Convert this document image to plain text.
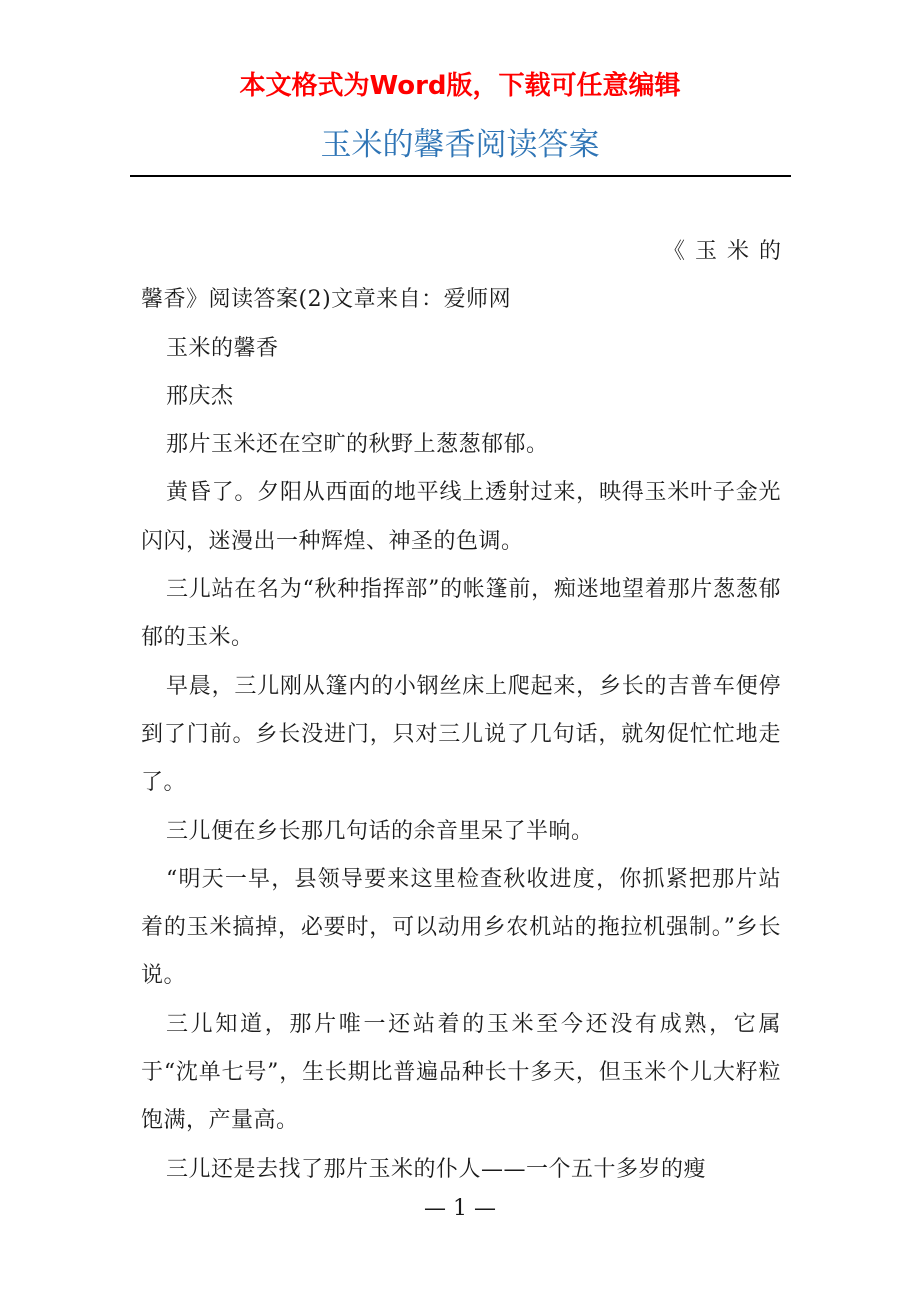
本文格式为Word版，下载可任意编辑
玉米的馨香阅读答案

《玉米的

馨香》阅读答案(2)文章来自：爱师网

玉米的馨香

邢庆杰

那片玉米还在空旷的秋野上葱葱郁郁。

黄昏了。夕阳从西面的地平线上透射过来，映得玉米叶子金光闪闪，迷漫出一种辉煌、神圣的色调。

三儿站在名为“秋种指挥部”的帐篷前，痴迷地望着那片葱葱郁郁的玉米。

早晨，三儿刚从篷内的小钢丝床上爬起来，乡长的吉普车便停到了门前。乡长没进门，只对三儿说了几句话，就匆促忙忙地走了。

三儿便在乡长那几句话的余音里呆了半晌。

“明天一早，县领导要来这里检查秋收进度，你抓紧把那片站着的玉米搞掉，必要时，可以动用乡农机站的拖拉机强制。”乡长说。

三儿知道，那片唯一还站着的玉米至今还没有成熟，它属于“沈单七号”，生长期比普遍品种长十多天，但玉米个儿大籽粒饱满，产量高。

三儿还是去找了那片玉米的仆人——一个五十多岁的瘦

— 1 —
